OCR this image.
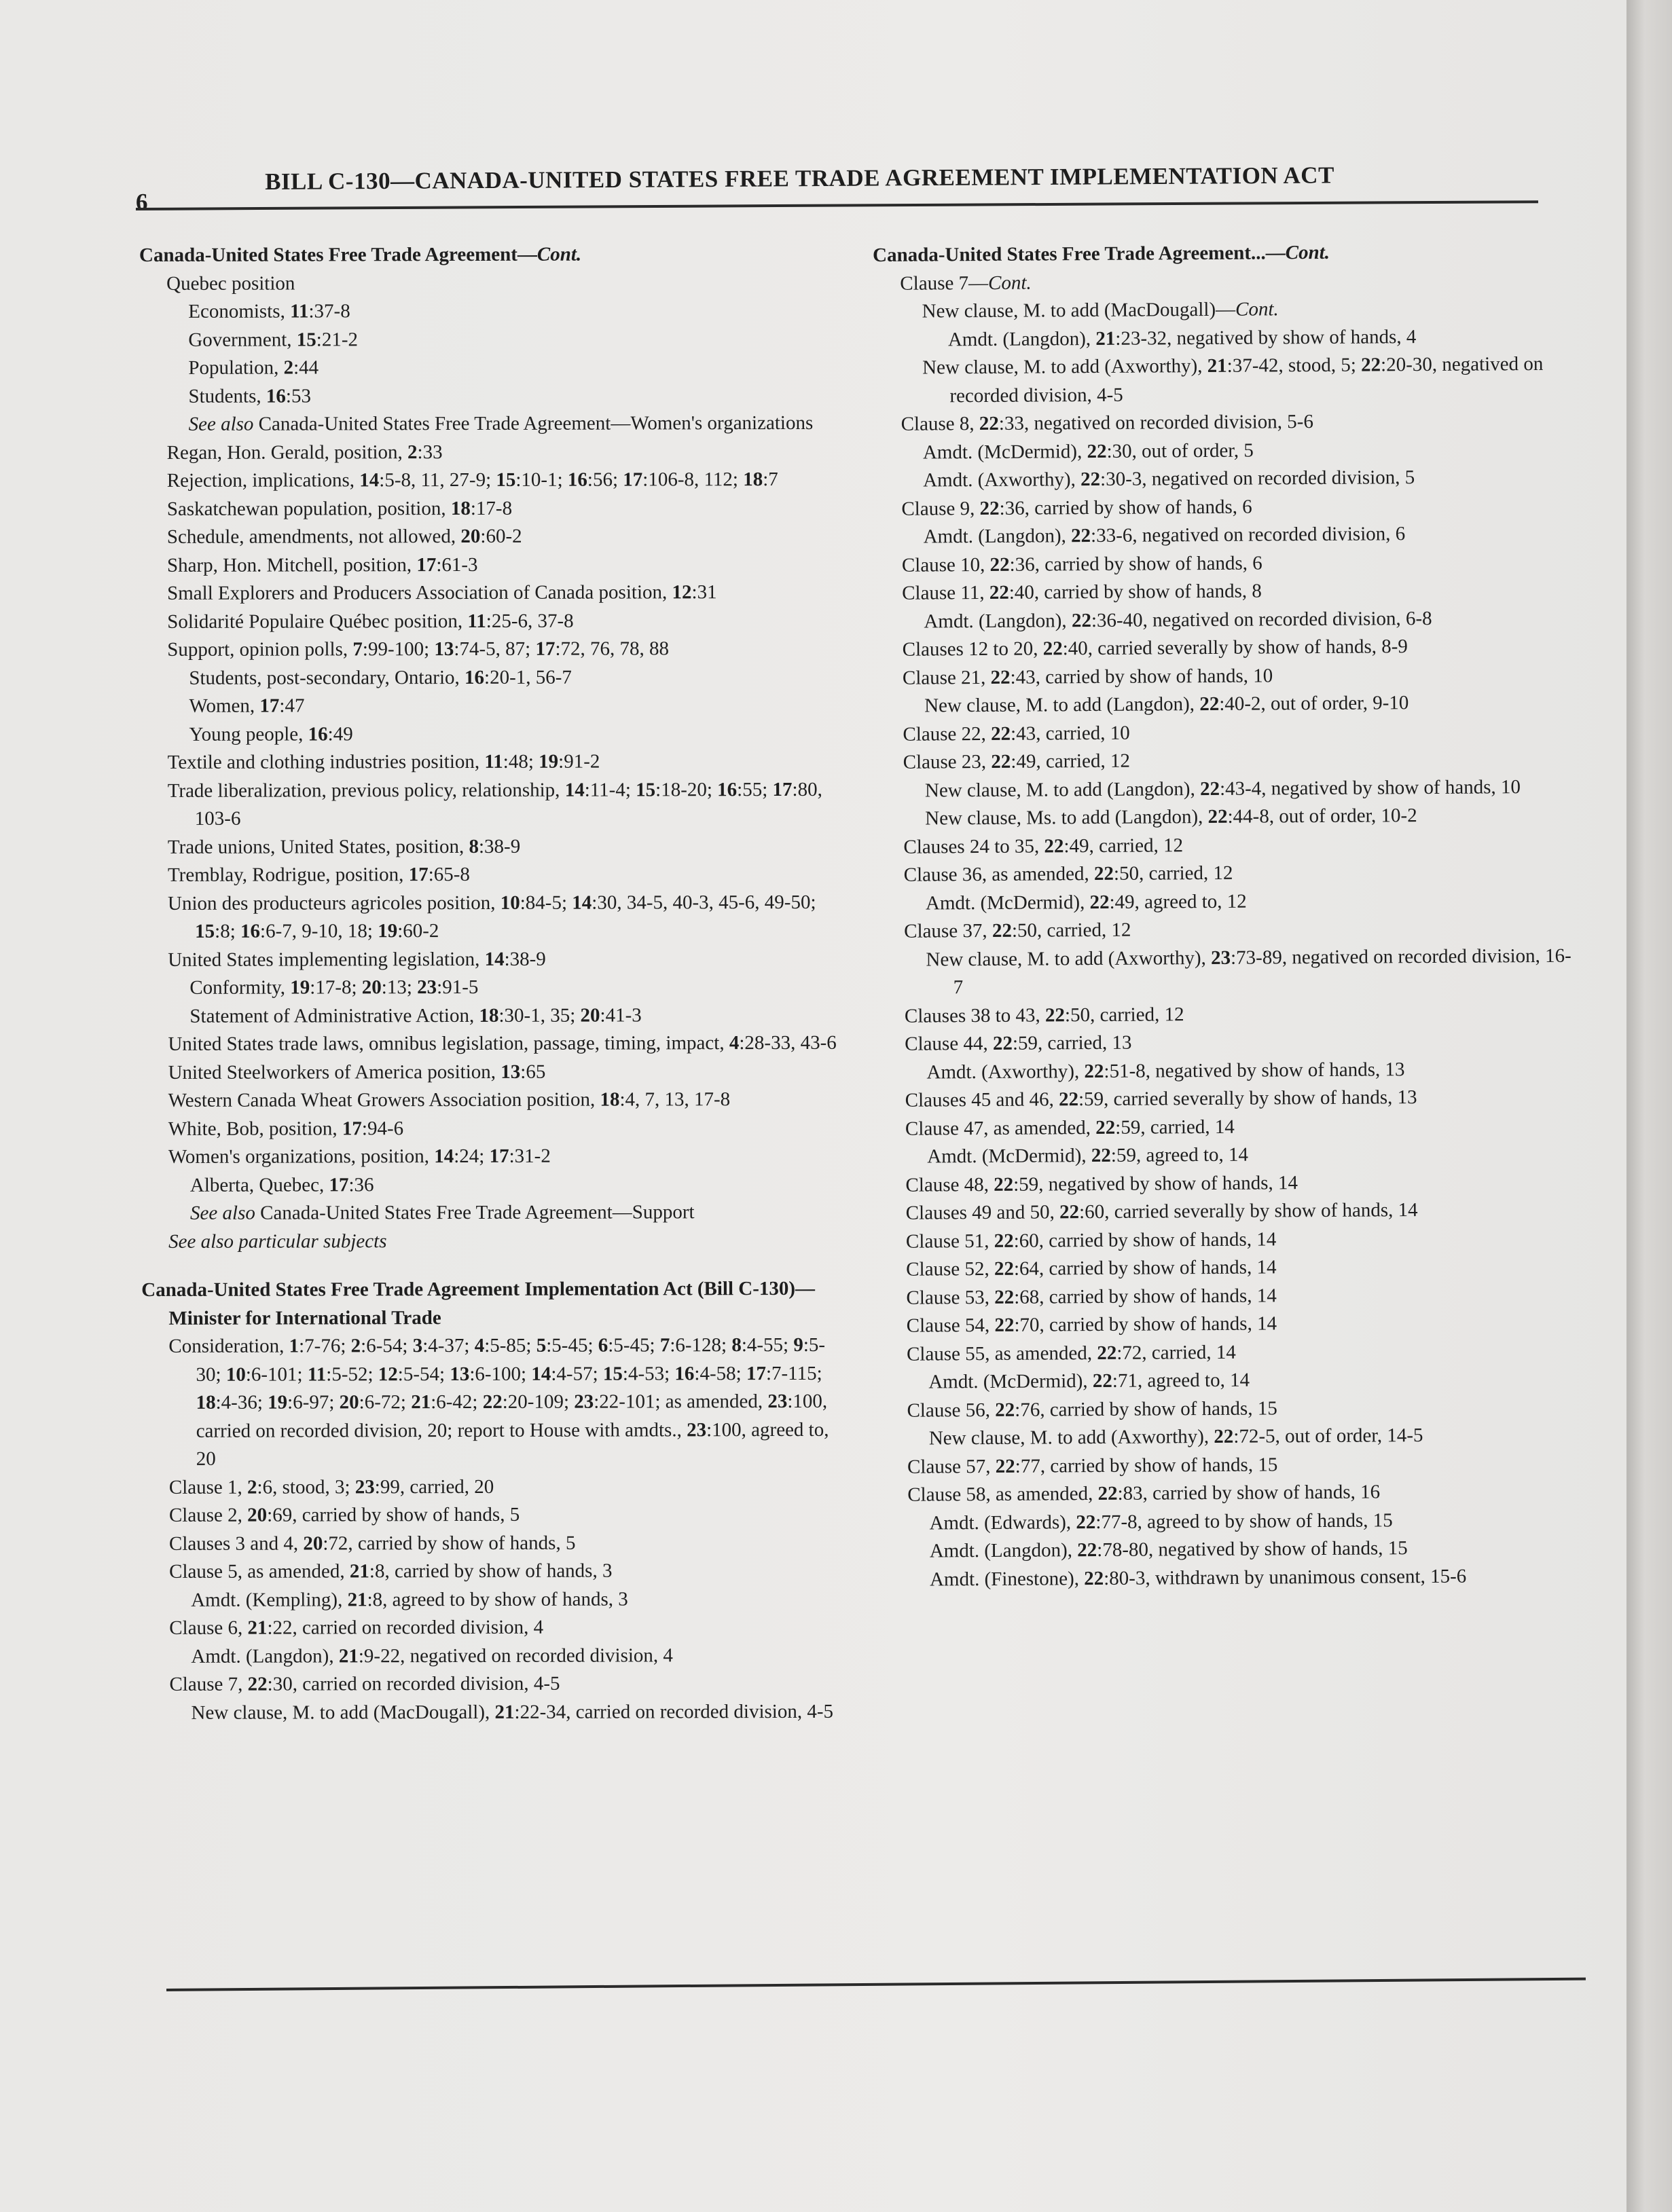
6
BILL C-130—CANADA-UNITED STATES FREE TRADE AGREEMENT IMPLEMENTATION ACT
Canada-United States Free Trade Agreement—Cont.
Quebec position
Economists, 11:37-8
Government, 15:21-2
Population, 2:44
Students, 16:53
See also Canada-United States Free Trade Agreement—Women's organizations
Regan, Hon. Gerald, position, 2:33
Rejection, implications, 14:5-8, 11, 27-9; 15:10-1; 16:56; 17:106-8, 112; 18:7
Saskatchewan population, position, 18:17-8
Schedule, amendments, not allowed, 20:60-2
Sharp, Hon. Mitchell, position, 17:61-3
Small Explorers and Producers Association of Canada position, 12:31
Solidarité Populaire Québec position, 11:25-6, 37-8
Support, opinion polls, 7:99-100; 13:74-5, 87; 17:72, 76, 78, 88
Students, post-secondary, Ontario, 16:20-1, 56-7
Women, 17:47
Young people, 16:49
Textile and clothing industries position, 11:48; 19:91-2
Trade liberalization, previous policy, relationship, 14:11-4; 15:18-20; 16:55; 17:80, 103-6
Trade unions, United States, position, 8:38-9
Tremblay, Rodrigue, position, 17:65-8
Union des producteurs agricoles position, 10:84-5; 14:30, 34-5, 40-3, 45-6, 49-50; 15:8; 16:6-7, 9-10, 18; 19:60-2
United States implementing legislation, 14:38-9
Conformity, 19:17-8; 20:13; 23:91-5
Statement of Administrative Action, 18:30-1, 35; 20:41-3
United States trade laws, omnibus legislation, passage, timing, impact, 4:28-33, 43-6
United Steelworkers of America position, 13:65
Western Canada Wheat Growers Association position, 18:4, 7, 13, 17-8
White, Bob, position, 17:94-6
Women's organizations, position, 14:24; 17:31-2
Alberta, Quebec, 17:36
See also Canada-United States Free Trade Agreement—Support
See also particular subjects
Canada-United States Free Trade Agreement Implementation Act (Bill C-130)—Minister for International Trade
Consideration, 1:7-76; 2:6-54; 3:4-37; 4:5-85; 5:5-45; 6:5-45; 7:6-128; 8:4-55; 9:5-30; 10:6-101; 11:5-52; 12:5-54; 13:6-100; 14:4-57; 15:4-53; 16:4-58; 17:7-115; 18:4-36; 19:6-97; 20:6-72; 21:6-42; 22:20-109; 23:22-101; as amended, 23:100, carried on recorded division, 20; report to House with amdts., 23:100, agreed to, 20
Clause 1, 2:6, stood, 3; 23:99, carried, 20
Clause 2, 20:69, carried by show of hands, 5
Clauses 3 and 4, 20:72, carried by show of hands, 5
Clause 5, as amended, 21:8, carried by show of hands, 3
Amdt. (Kempling), 21:8, agreed to by show of hands, 3
Clause 6, 21:22, carried on recorded division, 4
Amdt. (Langdon), 21:9-22, negatived on recorded division, 4
Clause 7, 22:30, carried on recorded division, 4-5
New clause, M. to add (MacDougall), 21:22-34, carried on recorded division, 4-5
Canada-United States Free Trade Agreement...—Cont.
Clause 7—Cont.
New clause, M. to add (MacDougall)—Cont.
Amdt. (Langdon), 21:23-32, negatived by show of hands, 4
New clause, M. to add (Axworthy), 21:37-42, stood, 5; 22:20-30, negatived on recorded division, 4-5
Clause 8, 22:33, negatived on recorded division, 5-6
Amdt. (McDermid), 22:30, out of order, 5
Amdt. (Axworthy), 22:30-3, negatived on recorded division, 5
Clause 9, 22:36, carried by show of hands, 6
Amdt. (Langdon), 22:33-6, negatived on recorded division, 6
Clause 10, 22:36, carried by show of hands, 6
Clause 11, 22:40, carried by show of hands, 8
Amdt. (Langdon), 22:36-40, negatived on recorded division, 6-8
Clauses 12 to 20, 22:40, carried severally by show of hands, 8-9
Clause 21, 22:43, carried by show of hands, 10
New clause, M. to add (Langdon), 22:40-2, out of order, 9-10
Clause 22, 22:43, carried, 10
Clause 23, 22:49, carried, 12
New clause, M. to add (Langdon), 22:43-4, negatived by show of hands, 10
New clause, Ms. to add (Langdon), 22:44-8, out of order, 10-2
Clauses 24 to 35, 22:49, carried, 12
Clause 36, as amended, 22:50, carried, 12
Amdt. (McDermid), 22:49, agreed to, 12
Clause 37, 22:50, carried, 12
New clause, M. to add (Axworthy), 23:73-89, negatived on recorded division, 16-7
Clauses 38 to 43, 22:50, carried, 12
Clause 44, 22:59, carried, 13
Amdt. (Axworthy), 22:51-8, negatived by show of hands, 13
Clauses 45 and 46, 22:59, carried severally by show of hands, 13
Clause 47, as amended, 22:59, carried, 14
Amdt. (McDermid), 22:59, agreed to, 14
Clause 48, 22:59, negatived by show of hands, 14
Clauses 49 and 50, 22:60, carried severally by show of hands, 14
Clause 51, 22:60, carried by show of hands, 14
Clause 52, 22:64, carried by show of hands, 14
Clause 53, 22:68, carried by show of hands, 14
Clause 54, 22:70, carried by show of hands, 14
Clause 55, as amended, 22:72, carried, 14
Amdt. (McDermid), 22:71, agreed to, 14
Clause 56, 22:76, carried by show of hands, 15
New clause, M. to add (Axworthy), 22:72-5, out of order, 14-5
Clause 57, 22:77, carried by show of hands, 15
Clause 58, as amended, 22:83, carried by show of hands, 16
Amdt. (Edwards), 22:77-8, agreed to by show of hands, 15
Amdt. (Langdon), 22:78-80, negatived by show of hands, 15
Amdt. (Finestone), 22:80-3, withdrawn by unanimous consent, 15-6
